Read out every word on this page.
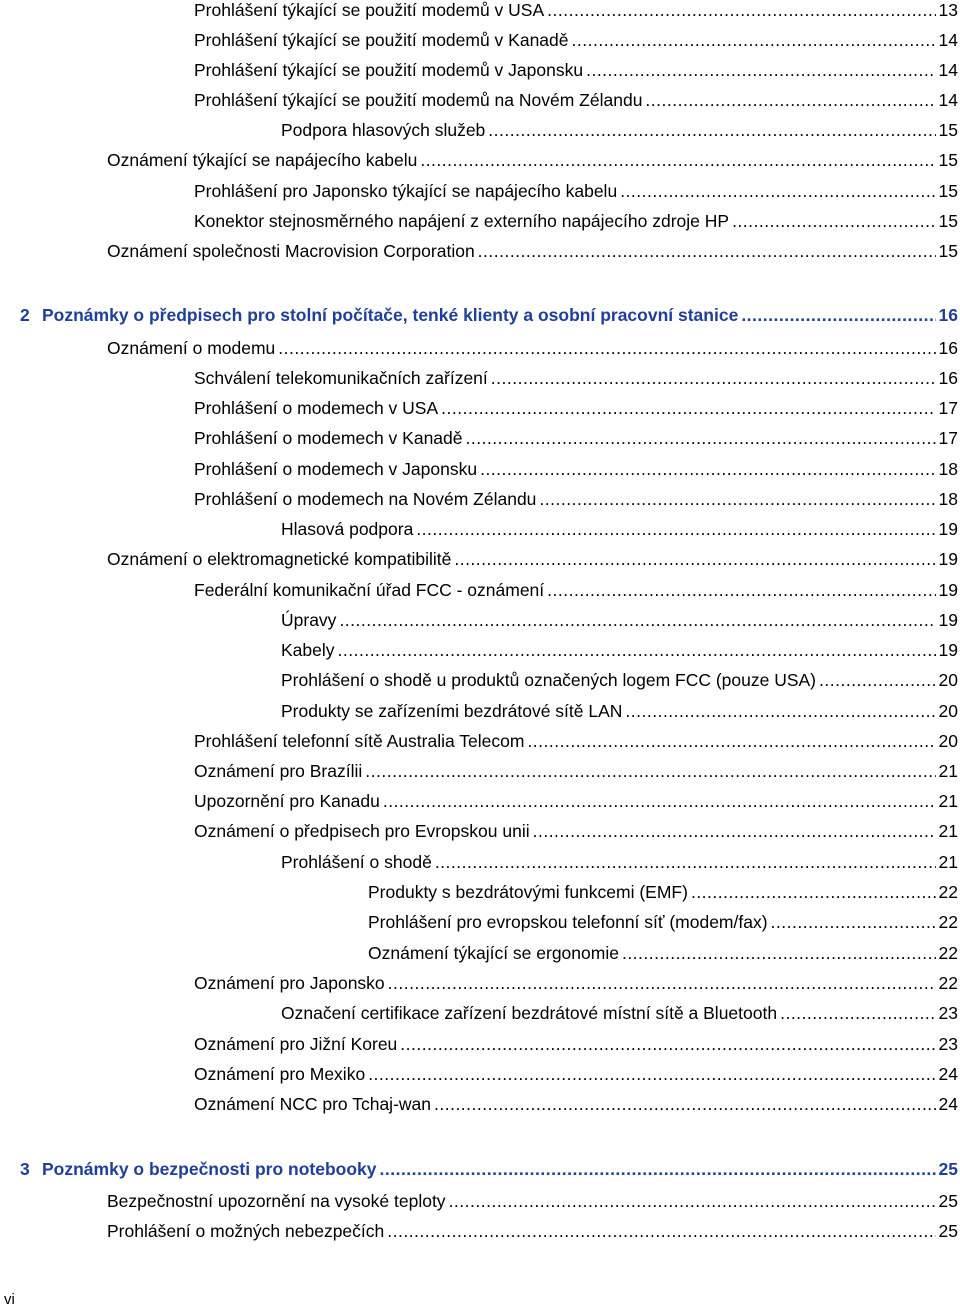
Prohlášení týkající se použití modemů v USA .....	13
Prohlášení týkající se použití modemů v Kanadě .....	14
Prohlášení týkající se použití modemů v Japonsku .....	14
Prohlášení týkající se použití modemů na Novém Zélandu .....	14
Podpora hlasových služeb .....	15
Oznámení týkající se napájecího kabelu .....	15
Prohlášení pro Japonsko týkající se napájecího kabelu .....	15
Konektor stejnosměrného napájení z externího napájecího zdroje HP .....	15
Oznámení společnosti Macrovision Corporation .....	15
2 Poznámky o předpisech pro stolní počítače, tenké klienty a osobní pracovní stanice .....	16
Oznámení o modemu .....	16
Schválení telekomunikačních zařízení .....	16
Prohlášení o modemech v USA .....	17
Prohlášení o modemech v Kanadě .....	17
Prohlášení o modemech v Japonsku .....	18
Prohlášení o modemech na Novém Zélandu .....	18
Hlasová podpora .....	19
Oznámení o elektromagnetické kompatibilitě .....	19
Federální komunikační úřad FCC - oznámení .....	19
Úpravy .....	19
Kabely .....	19
Prohlášení o shodě u produktů označených logem FCC (pouze USA) .....	20
Produkty se zařízeními bezdrátové sítě LAN .....	20
Prohlášení telefonní sítě Australia Telecom .....	20
Oznámení pro Brazílii .....	21
Upozornění pro Kanadu .....	21
Oznámení o předpisech pro Evropskou unii .....	21
Prohlášení o shodě .....	21
Produkty s bezdrátovými funkcemi (EMF) .....	22
Prohlášení pro evropskou telefonní síť (modem/fax) .....	22
Oznámení týkající se ergonomie .....	22
Oznámení pro Japonsko .....	22
Označení certifikace zařízení bezdrátové místní sítě a Bluetooth .....	23
Oznámení pro Jižní Koreu .....	23
Oznámení pro Mexiko .....	24
Oznámení NCC pro Tchaj-wan .....	24
3 Poznámky o bezpečnosti pro notebooky .....	25
Bezpečnostní upozornění na vysoké teploty .....	25
Prohlášení o možných nebezpečích .....	25
vi
